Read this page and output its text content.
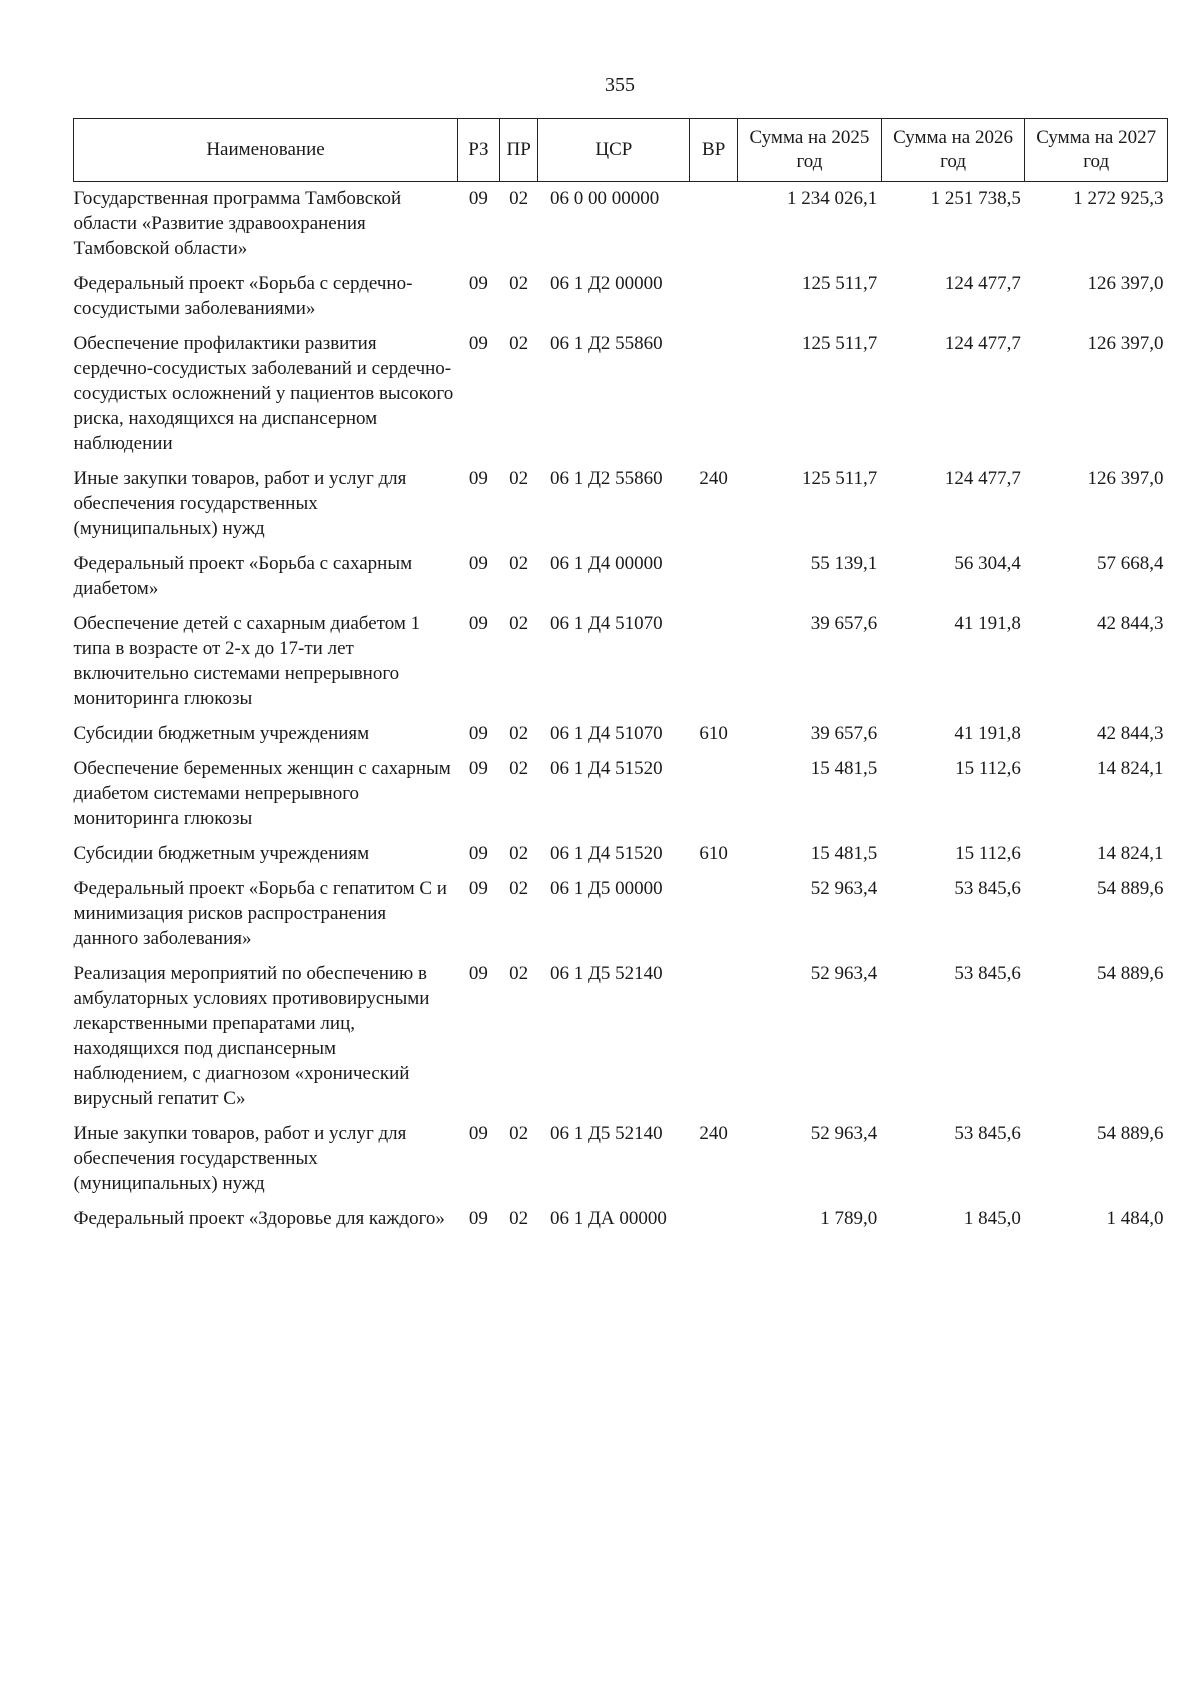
355
Наименование	РЗ	ПР	ЦСР	ВР	Сумма на 2025 год	Сумма на 2026 год	Сумма на 2027 год
Государственная программа Тамбовской области «Развитие здравоохранения Тамбовской области»	09	02	06 0 00 00000		1 234 026,1	1 251 738,5	1 272 925,3
Федеральный проект «Борьба с сердечно-сосудистыми заболеваниями»	09	02	06 1 Д2 00000		125 511,7	124 477,7	126 397,0
Обеспечение профилактики развития сердечно-сосудистых заболеваний и сердечно-сосудистых осложнений у пациентов высокого риска, находящихся на диспансерном наблюдении	09	02	06 1 Д2 55860		125 511,7	124 477,7	126 397,0
Иные закупки товаров, работ и услуг для обеспечения государственных (муниципальных) нужд	09	02	06 1 Д2 55860	240	125 511,7	124 477,7	126 397,0
Федеральный проект «Борьба с сахарным диабетом»	09	02	06 1 Д4 00000		55 139,1	56 304,4	57 668,4
Обеспечение детей с сахарным диабетом 1 типа в возрасте от 2-х до 17-ти лет включительно системами непрерывного мониторинга глюкозы	09	02	06 1 Д4 51070		39 657,6	41 191,8	42 844,3
Субсидии бюджетным учреждениям	09	02	06 1 Д4 51070	610	39 657,6	41 191,8	42 844,3
Обеспечение беременных женщин с сахарным диабетом системами непрерывного мониторинга глюкозы	09	02	06 1 Д4 51520		15 481,5	15 112,6	14 824,1
Субсидии бюджетным учреждениям	09	02	06 1 Д4 51520	610	15 481,5	15 112,6	14 824,1
Федеральный проект «Борьба с гепатитом С и минимизация рисков распространения данного заболевания»	09	02	06 1 Д5 00000		52 963,4	53 845,6	54 889,6
Реализация мероприятий по обеспечению в амбулаторных условиях противовирусными лекарственными препаратами лиц, находящихся под диспансерным наблюдением, с диагнозом «хронический вирусный гепатит С»	09	02	06 1 Д5 52140		52 963,4	53 845,6	54 889,6
Иные закупки товаров, работ и услуг для обеспечения государственных (муниципальных) нужд	09	02	06 1 Д5 52140	240	52 963,4	53 845,6	54 889,6
Федеральный проект «Здоровье для каждого»	09	02	06 1 ДА 00000		1 789,0	1 845,0	1 484,0
